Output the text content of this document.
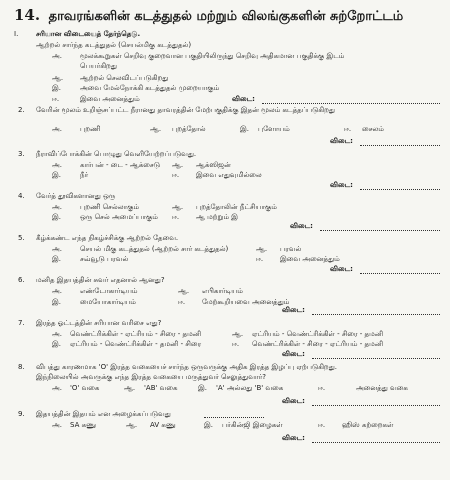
14. தாவரங்களின் கடத்துதல் மற்றும் விலங்குகளின் சுற்றோட்டம்
I.	சரியான விடையைத் தேர்ந்தெடு.
ஆற்றல் சார்ந்த கடத்துதல் (செயல்மிகு கடத்துதல்)
அ.	மூலக்கூறுகள் செறிவு குறைவான பகுதியிலிருந்து செறிவு அதிகமான பகுதிக்கு இடம்
பெயர்கிறது
ஆ. ஆற்றல் செலவிடப்படுகிறது
இ.	அவை மேல்நோக்கி கடத்துதல் முறையாகும்
ஈ.	இவை அனைத்தும்	விடை:
2. வேரின் மூலம் உறிஞ்சப்பட்ட நீரானது தாவரத்தின் மேற்பகுதிக்கு இதன் மூலம் கடத்தப்படுகிறது
அ.	புறணி	ஆ. புறத்தோல்	இ. புளோயம்	ஈ. சைலம்
விடை:
3. நீராவிப்போக்கின் பொழுது வெளியேற்றப்படுவது.
அ.	கார்பன் - டை - ஆக்சைடு ஆ. ஆக்ஸிஜன்
இ.	நீர்	ஈ. இவை எதுவுமில்லை
விடை:
4. வேர்த் தூவிகளானது ஒரு
அ.	புறணி செல்லாகும்	ஆ. புறத்தோலின் நீட்சியாகும்
இ.	ஒரு செல் அமைப்பாகும் ஈ. ஆ மற்றும் இ
விடை:
5. கீழ்க்கண்ட எந்த நிகழ்ச்சிக்கு ஆற்றல் தேவை.
அ.	செயல் மிகு கடத்துதல் (ஆற்றல் சார் கடத்துதல்)	ஆ. பரவல்
இ.	சவ்வூடு பரவல்	ஈ. இவை அனைத்தும்
விடை:
6. மனித இதயத்தின் சுவர் எதனால் ஆனது?
அ.	எண்டோகார்டியம்	ஆ. எபிகார்டியம்
இ.	மையோகார்டியம்	ஈ. மேற்கூறியவை அனைத்தும்
விடை:
7. இரத்த ஓட்டத்தின் சரியான வரிசை எது?
அ. வெண்ட்ரிக்கிள் - ஏட்ரியம் - சிரை - தமனி	ஆ. ஏட்ரியம் - வெண்ட்ரிக்கிள் - சிரை - தமனி
இ. ஏட்ரியம் - வெண்ட்ரிக்கிள் - தமனி - சிரை	ஈ. வெண்ட்ரிக்கிள் - சிரை - ஏட்ரியம் - தமனி
விடை:
8. விபத்து காரணமாக 'O' இரத்த வகையைச் சார்ந்த ஒருவருக்கு அதிக இரத்த இழப்பு ஏற்படுகிறது.
இந்நிலையில் அவருக்கு எந்த இரத்த வகையை மருத்துவர் செலுத்துவார்?
அ. 'O' வகை	ஆ. 'AB' வகை	இ. 'A' அல்லது 'B' வகை	ஈ.	அனைத்து வகை
விடை:
9. இதயத்தின் இதயம் என அழைக்கப்படுவது
அ. SA கணு	ஆ. AV கணு	இ. பர்கின்ஜி இழைகள்	ஈ. ஹிஸ் கற்றைகள்
விடை:
